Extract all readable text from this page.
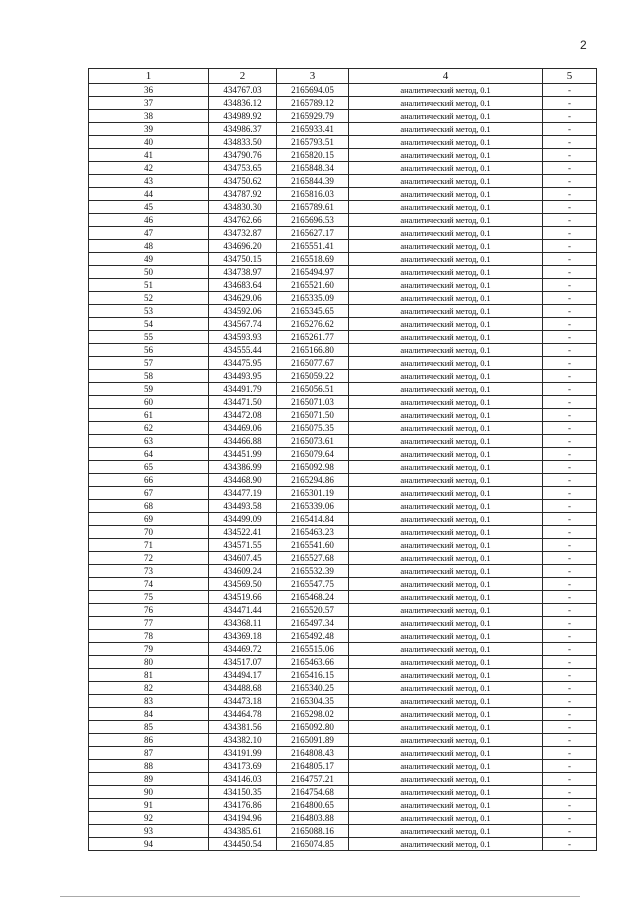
2
1	2	3	4	5
36	434767.03	2165694.05	аналитический метод, 0.1	-
37	434836.12	2165789.12	аналитический метод, 0.1	-
38	434989.92	2165929.79	аналитический метод, 0.1	-
39	434986.37	2165933.41	аналитический метод, 0.1	-
40	434833.50	2165793.51	аналитический метод, 0.1	-
41	434790.76	2165820.15	аналитический метод, 0.1	-
42	434753.65	2165848.34	аналитический метод, 0.1	-
43	434750.62	2165844.39	аналитический метод, 0.1	-
44	434787.92	2165816.03	аналитический метод, 0.1	-
45	434830.30	2165789.61	аналитический метод, 0.1	-
46	434762.66	2165696.53	аналитический метод, 0.1	-
47	434732.87	2165627.17	аналитический метод, 0.1	-
48	434696.20	2165551.41	аналитический метод, 0.1	-
49	434750.15	2165518.69	аналитический метод, 0.1	-
50	434738.97	2165494.97	аналитический метод, 0.1	-
51	434683.64	2165521.60	аналитический метод, 0.1	-
52	434629.06	2165335.09	аналитический метод, 0.1	-
53	434592.06	2165345.65	аналитический метод, 0.1	-
54	434567.74	2165276.62	аналитический метод, 0.1	-
55	434593.93	2165261.77	аналитический метод, 0.1	-
56	434555.44	2165166.80	аналитический метод, 0.1	-
57	434475.95	2165077.67	аналитический метод, 0.1	-
58	434493.95	2165059.22	аналитический метод, 0.1	-
59	434491.79	2165056.51	аналитический метод, 0.1	-
60	434471.50	2165071.03	аналитический метод, 0.1	-
61	434472.08	2165071.50	аналитический метод, 0.1	-
62	434469.06	2165075.35	аналитический метод, 0.1	-
63	434466.88	2165073.61	аналитический метод, 0.1	-
64	434451.99	2165079.64	аналитический метод, 0.1	-
65	434386.99	2165092.98	аналитический метод, 0.1	-
66	434468.90	2165294.86	аналитический метод, 0.1	-
67	434477.19	2165301.19	аналитический метод, 0.1	-
68	434493.58	2165339.06	аналитический метод, 0.1	-
69	434499.09	2165414.84	аналитический метод, 0.1	-
70	434522.41	2165463.23	аналитический метод, 0.1	-
71	434571.55	2165541.60	аналитический метод, 0.1	-
72	434607.45	2165527.68	аналитический метод, 0.1	-
73	434609.24	2165532.39	аналитический метод, 0.1	-
74	434569.50	2165547.75	аналитический метод, 0.1	-
75	434519.66	2165468.24	аналитический метод, 0.1	-
76	434471.44	2165520.57	аналитический метод, 0.1	-
77	434368.11	2165497.34	аналитический метод, 0.1	-
78	434369.18	2165492.48	аналитический метод, 0.1	-
79	434469.72	2165515.06	аналитический метод, 0.1	-
80	434517.07	2165463.66	аналитический метод, 0.1	-
81	434494.17	2165416.15	аналитический метод, 0.1	-
82	434488.68	2165340.25	аналитический метод, 0.1	-
83	434473.18	2165304.35	аналитический метод, 0.1	-
84	434464.78	2165298.02	аналитический метод, 0.1	-
85	434381.56	2165092.80	аналитический метод, 0.1	-
86	434382.10	2165091.89	аналитический метод, 0.1	-
87	434191.99	2164808.43	аналитический метод, 0.1	-
88	434173.69	2164805.17	аналитический метод, 0.1	-
89	434146.03	2164757.21	аналитический метод, 0.1	-
90	434150.35	2164754.68	аналитический метод, 0.1	-
91	434176.86	2164800.65	аналитический метод, 0.1	-
92	434194.96	2164803.88	аналитический метод, 0.1	-
93	434385.61	2165088.16	аналитический метод, 0.1	-
94	434450.54	2165074.85	аналитический метод, 0.1	-
